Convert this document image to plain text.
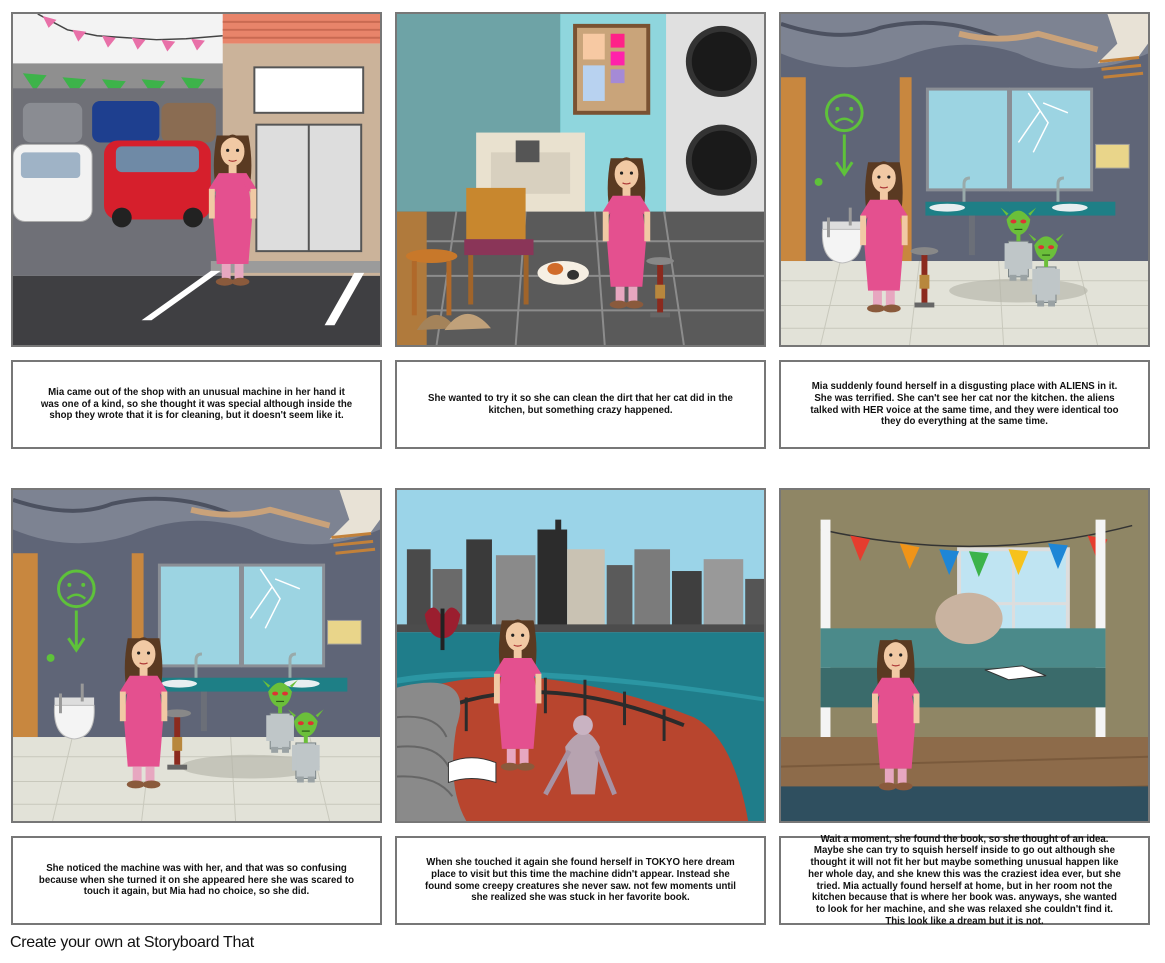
Mia came out of the shop with an unusual machine in her hand it was one of a kind, so she thought it was special although inside the shop they wrote that it is for cleaning, but it doesn't seem like it.
She wanted to try it so she can clean the dirt that her cat did in the kitchen, but something crazy happened.
Mia suddenly found herself in a disgusting place with ALIENS in it. She was terrified. She can't see her cat nor the kitchen. the aliens talked with HER voice at the same time, and they were identical too they do everything at the same time.
She noticed the machine was with her, and that was so confusing because when she turned it on she appeared here she was scared to touch it again, but Mia had no choice, so she did.
When she touched it again she found herself in TOKYO here dream place to visit but this time the machine didn't appear. Instead she found some creepy creatures she never saw. not few moments until she realized she was stuck in her favorite book.
Wait a moment, she found the book, so she thought of an idea. Maybe she can try to squish herself inside to go out although she thought it will not fit her but maybe something unusual happen like her whole day, and she knew this was the craziest idea ever, but she tried. Mia actually found herself at home, but in her room not the kitchen because that is where her book was. anyways, she wanted to look for her machine, and she was relaxed she couldn't find it. This look like a dream but it is not.
Create your own at Storyboard That
